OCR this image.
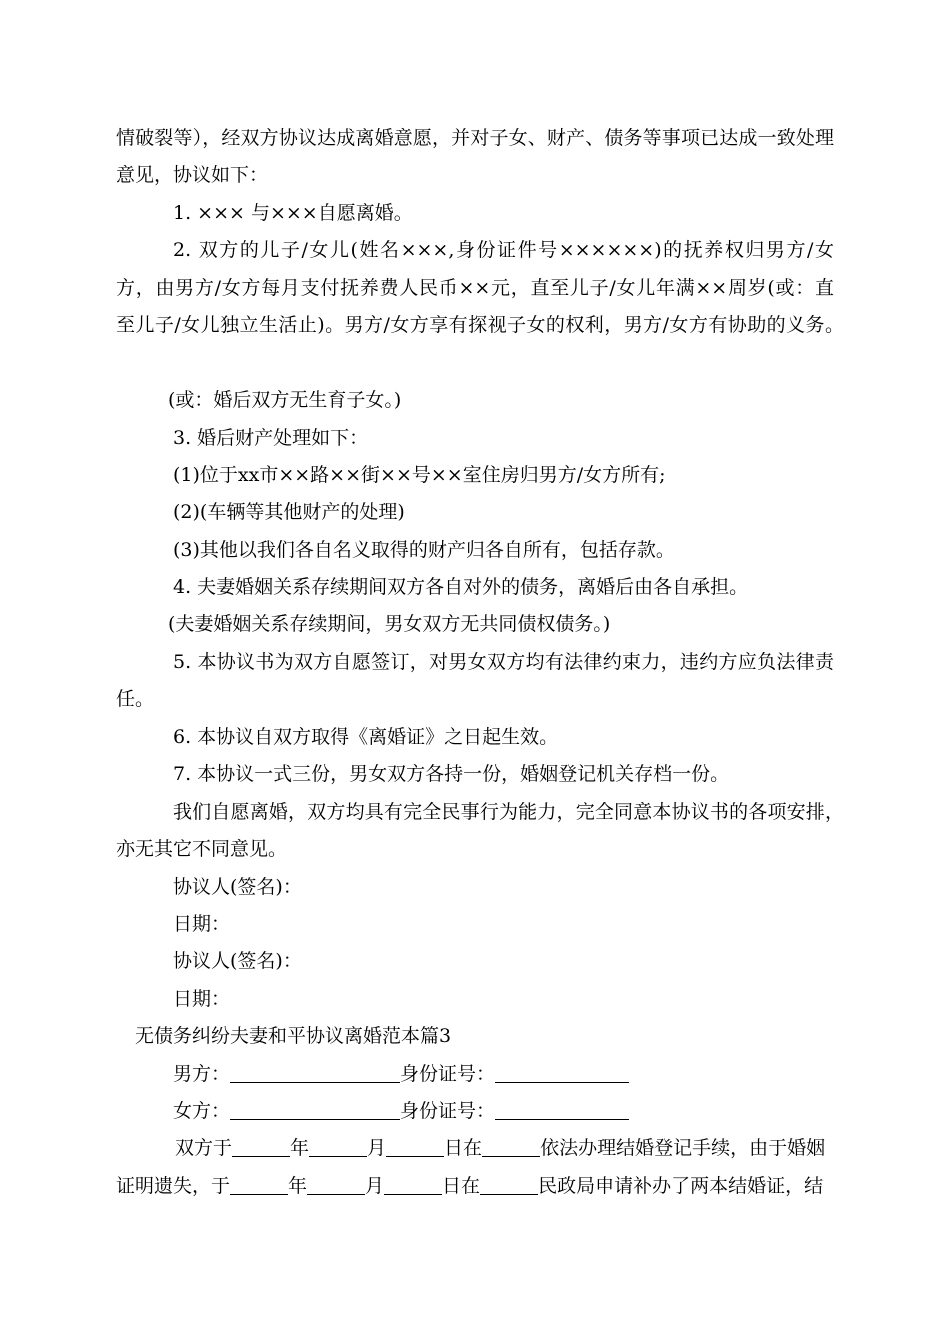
情破裂等），经双方协议达成离婚意愿，并对子女、财产、债务等事项已达成一致处理
意见，协议如下：
1. ××× 与×××自愿离婚。
2. 双方的儿子/女儿(姓名×××,身份证件号××××××)的抚养权归男方/女
方，由男方/女方每月支付抚养费人民币××元，直至儿子/女儿年满××周岁(或：直
至儿子/女儿独立生活止)。男方/女方享有探视子女的权利，男方/女方有协助的义务。
(或：婚后双方无生育子女。)
3. 婚后财产处理如下：
(1)位于xx市××路××街××号××室住房归男方/女方所有;
(2)(车辆等其他财产的处理)
(3)其他以我们各自名义取得的财产归各自所有，包括存款。
4. 夫妻婚姻关系存续期间双方各自对外的债务，离婚后由各自承担。
(夫妻婚姻关系存续期间，男女双方无共同债权债务。)
5. 本协议书为双方自愿签订，对男女双方均有法律约束力，违约方应负法律责
任。
6. 本协议自双方取得《离婚证》之日起生效。
7. 本协议一式三份，男女双方各持一份，婚姻登记机关存档一份。
我们自愿离婚，双方均具有完全民事行为能力，完全同意本协议书的各项安排，
亦无其它不同意见。
协议人(签名)：
日期：
协议人(签名)：
日期：
无债务纠纷夫妻和平协议离婚范本篇3
男方：	身份证号：
女方：	身份证号：
双方于	年	月	日在	依法办理结婚登记手续，由于婚姻
证明遗失，于	年	月	日在	民政局申请补办了两本结婚证，结
